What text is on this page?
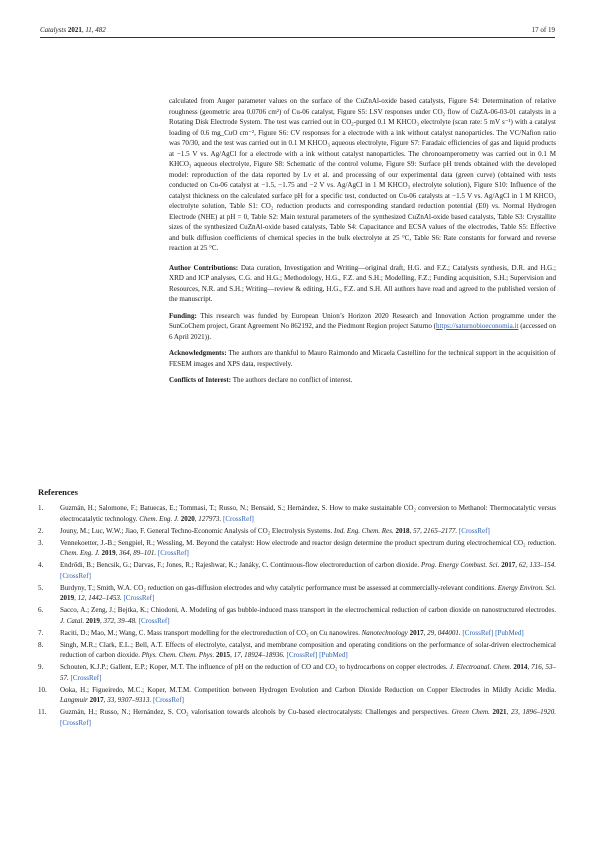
Catalysts 2021, 11, 482	17 of 19

calculated from Auger parameter values on the surface of the CuZnAl-oxide based catalysts, Figure S4: Determination of relative roughness (geometric area 0.0706 cm²) of Cu-06 catalyst, Figure S5: LSV responses under CO₂ flow of CuZA-06-03-01 catalysts in a Rotating Disk Electrode System. The test was carried out in CO₂-purged 0.1 M KHCO₃ electrolyte (scan rate: 5 mV s⁻¹) with a catalyst loading of 0.6 mg_CuO cm⁻², Figure S6: CV responses for a electrode with a ink without catalyst nanoparticles. The VC/Nafion ratio was 70/30, and the test was carried out in 0.1 M KHCO₃ aqueous electrolyte, Figure S7: Faradaic efficiencies of gas and liquid products at −1.5 V vs. Ag/AgCl for a electrode with a ink without catalyst nanoparticles. The chronoamperometry was carried out in 0.1 M KHCO₃ aqueous electrolyte, Figure S8: Schematic of the control volume, Figure S9: Surface pH trends obtained with the developed model: reproduction of the data reported by Lv et al. and processing of our experimental data (green curve) (obtained with tests conducted on Cu-06 catalyst at −1.5, −1.75 and −2 V vs. Ag/AgCl in 1 M KHCO₃ electrolyte solution), Figure S10: Influence of the catalyst thickness on the calculated surface pH for a specific test, conducted on Cu-06 catalysts at −1.5 V vs. Ag/AgCl in 1 M KHCO₃ electrolyte solution, Table S1: CO₂ reduction products and corresponding standard reduction potential (E0) vs. Normal Hydrogen Electrode (NHE) at pH = 0, Table S2: Main textural parameters of the synthesized CuZnAl-oxide based catalysts, Table S3: Crystallite sizes of the synthesized CuZnAl-oxide based catalysts, Table S4: Capacitance and ECSA values of the electrodes, Table S5: Effective and bulk diffusion coefficients of chemical species in the bulk electrolyte at 25 °C, Table S6: Rate constants for forward and reverse reaction at 25 °C.

Author Contributions: Data curation, Investigation and Writing—original draft, H.G. and F.Z.; Catalysts synthesis, D.R. and H.G.; XRD and ICP analyses, C.G. and H.G.; Methodology, H.G., F.Z. and S.H.; Modelling, F.Z.; Funding acquisition, S.H.; Supervision and Resources, N.R. and S.H.; Writing—review & editing, H.G., F.Z. and S.H. All authors have read and agreed to the published version of the manuscript.

Funding: This research was funded by European Union’s Horizon 2020 Research and Innovation Action programme under the SunCoChem project, Grant Agreement No 862192, and the Piedmont Region project Saturno (https://saturnobioeconomia.it (accessed on 6 April 2021)).

Acknowledgments: The authors are thankful to Mauro Raimondo and Micaela Castellino for the technical support in the acquisition of FESEM images and XPS data, respectively.

Conflicts of Interest: The authors declare no conflict of interest.

References
1. Guzmán, H.; Salomone, F.; Batuecas, E.; Tommasi, T.; Russo, N.; Bensaid, S.; Hernández, S. How to make sustainable CO₂ conversion to Methanol: Thermocatalytic versus electrocatalytic technology. Chem. Eng. J. 2020, 127973. [CrossRef]
2. Jouny, M.; Luc, W.W.; Jiao, F. General Techno-Economic Analysis of CO₂ Electrolysis Systems. Ind. Eng. Chem. Res. 2018, 57, 2165–2177. [CrossRef]
3. Vennekoetter, J.-B.; Sengpiel, R.; Wessling, M. Beyond the catalyst: How electrode and reactor design determine the product spectrum during electrochemical CO₂ reduction. Chem. Eng. J. 2019, 364, 89–101. [CrossRef]
4. Endrődi, B.; Bencsik, G.; Darvas, F.; Jones, R.; Rajeshwar, K.; Janáky, C. Continuous-flow electroreduction of carbon dioxide. Prog. Energy Combust. Sci. 2017, 62, 133–154. [CrossRef]
5. Burdyny, T.; Smith, W.A. CO₂ reduction on gas-diffusion electrodes and why catalytic performance must be assessed at commercially-relevant conditions. Energy Environ. Sci. 2019, 12, 1442–1453. [CrossRef]
6. Sacco, A.; Zeng, J.; Bejtka, K.; Chiodoni, A. Modeling of gas bubble-induced mass transport in the electrochemical reduction of carbon dioxide on nanostructured electrodes. J. Catal. 2019, 372, 39–48. [CrossRef]
7. Raciti, D.; Mao, M.; Wang, C. Mass transport modelling for the electroreduction of CO₂ on Cu nanowires. Nanotechnology 2017, 29, 044001. [CrossRef] [PubMed]
8. Singh, M.R.; Clark, E.L.; Bell, A.T. Effects of electrolyte, catalyst, and membrane composition and operating conditions on the performance of solar-driven electrochemical reduction of carbon dioxide. Phys. Chem. Chem. Phys. 2015, 17, 18924–18936. [CrossRef] [PubMed]
9. Schouten, K.J.P.; Gallent, E.P.; Koper, M.T. The influence of pH on the reduction of CO and CO₂ to hydrocarbons on copper electrodes. J. Electroanal. Chem. 2014, 716, 53–57. [CrossRef]
10. Ooka, H.; Figueiredo, M.C.; Koper, M.T.M. Competition between Hydrogen Evolution and Carbon Dioxide Reduction on Copper Electrodes in Mildly Acidic Media. Langmuir 2017, 33, 9307–9313. [CrossRef]
11. Guzmán, H.; Russo, N.; Hernández, S. CO₂ valorisation towards alcohols by Cu-based electrocatalysts: Challenges and perspectives. Green Chem. 2021, 23, 1896–1920. [CrossRef]
